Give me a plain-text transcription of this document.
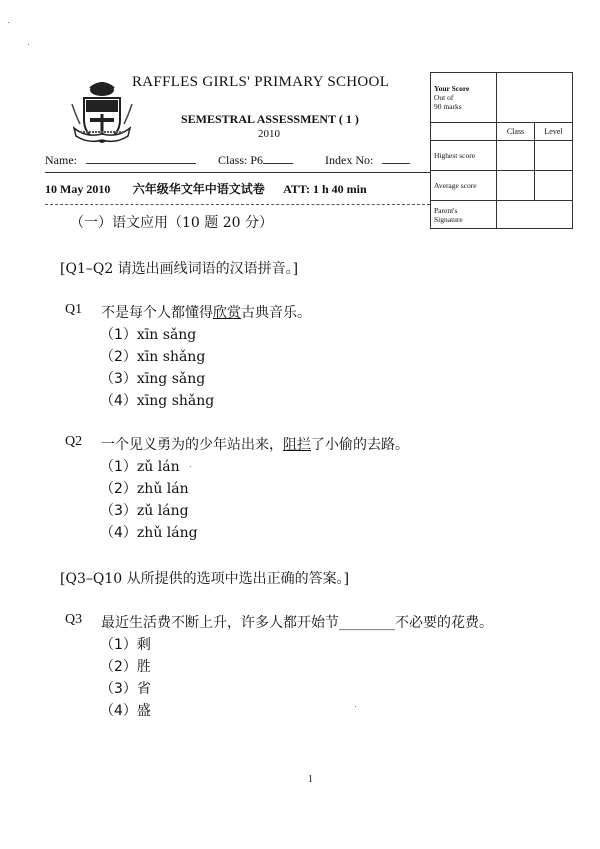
RAFFLES GIRLS' PRIMARY SCHOOL
SEMESTRAL ASSESSMENT ( 1 )
2010
Name:	Class: P6	Index No:
10 May 2010 六年级华文年中语文试卷 ATT: 1 h 40 min
Your Score
Out of
90 marks		

	Class	Level
Highest score		
Average score		

Parent's
Signature		

（一）语文应用（10 题 20 分）
[Q1–Q2 请选出画线词语的汉语拼音。]
Q1 不是每个人都懂得欣赏古典音乐。
（1）xīn sǎng
（2）xīn shǎng
（3）xīng sǎng
（4）xīng shǎng
Q2 一个见义勇为的少年站出来，阻拦了小偷的去路。
（1）zǔ lán
（2）zhǔ lán
（3）zǔ láng
（4）zhǔ láng
[Q3–Q10 从所提供的选项中选出正确的答案。]
Q3 最近生活费不断上升，许多人都开始节________不必要的花费。
（1）剩
（2）胜
（3）省
（4）盛
1
